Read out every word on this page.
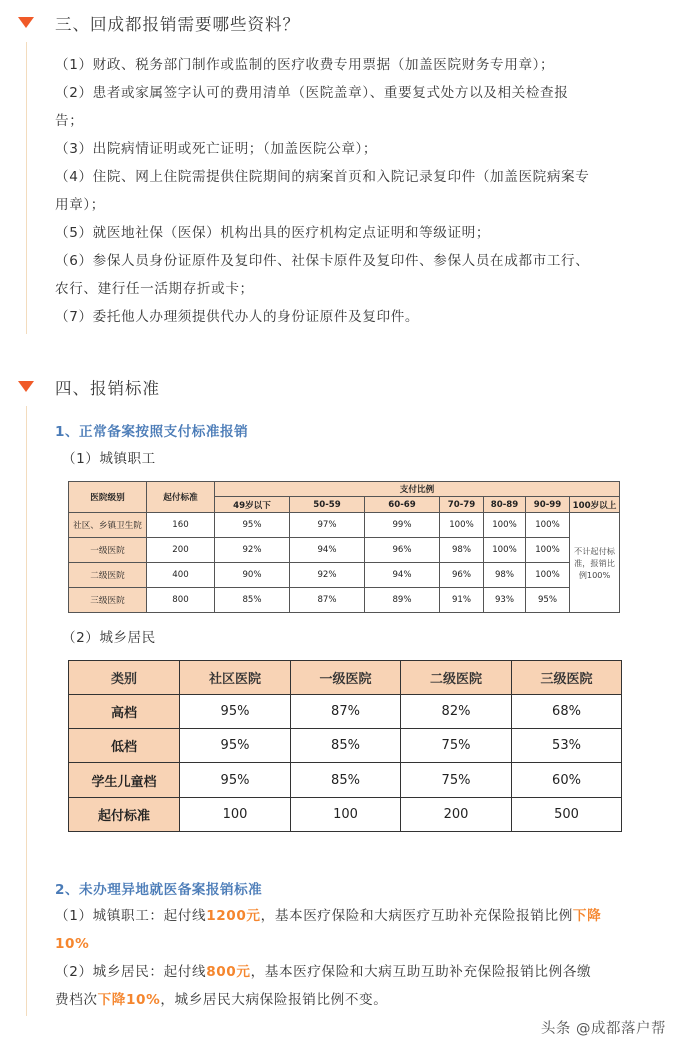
三、回成都报销需要哪些资料？
（1）财政、税务部门制作或监制的医疗收费专用票据（加盖医院财务专用章）；
（2）患者或家属签字认可的费用清单（医院盖章）、重要复式处方以及相关检查报
告；
（3）出院病情证明或死亡证明；（加盖医院公章）；
（4）住院、网上住院需提供住院期间的病案首页和入院记录复印件（加盖医院病案专
用章）；
（5）就医地社保（医保）机构出具的医疗机构定点证明和等级证明；
（6）参保人员身份证原件及复印件、社保卡原件及复印件、参保人员在成都市工行、
农行、建行任一活期存折或卡；
（7）委托他人办理须提供代办人的身份证原件及复印件。
四、报销标准
1、正常备案按照支付标准报销
（1）城镇职工
医院级别	起付标准	支付比例						
		49岁以下	50-59	60-69	70-79	80-89	90-99	100岁以上
社区、乡镇卫生院	160	95%	97%	99%	100%	100%	100%	不计起付标准，报销比例100%
一级医院	200	92%	94%	96%	98%	100%	100%	
二级医院	400	90%	92%	94%	96%	98%	100%	
三级医院	800	85%	87%	89%	91%	93%	95%	
（2）城乡居民
类别	社区医院	一级医院	二级医院	三级医院
高档	95%	87%	82%	68%
低档	95%	85%	75%	53%
学生儿童档	95%	85%	75%	60%
起付标准	100	100	200	500
2、未办理异地就医备案报销标准
（1）城镇职工：起付线1200元，基本医疗保险和大病医疗互助补充保险报销比例下降
10%
（2）城乡居民：起付线800元，基本医疗保险和大病互助互助补充保险报销比例各缴
费档次下降10%，城乡居民大病保险报销比例不变。
头条 @成都落户帮
